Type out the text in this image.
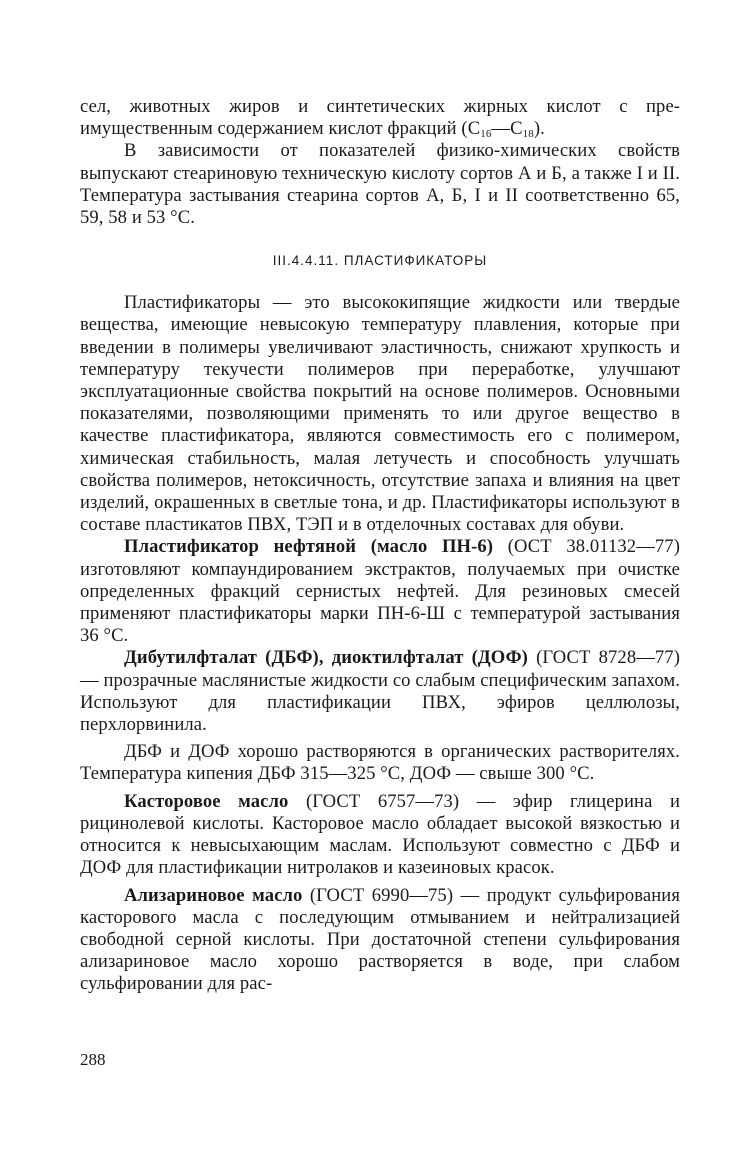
сел, животных жиров и синтетических жирных кислот с преимущественным содержанием кислот фракций $(С_{16}—С_{18})$.

В зависимости от показателей физико-химических свойств выпускают стеариновую техническую кислоту сортов А и Б, а также I и II. Температура застывания стеарина сортов А, Б, I и II соответственно 65, 59, 58 и 53 °С.

III.4.4.11. ПЛАСТИФИКАТОРЫ

Пластификаторы — это высококипящие жидкости или твердые вещества, имеющие невысокую температуру плавления, которые при введении в полимеры увеличивают эластичность, снижают хрупкость и температуру текучести полимеров при переработке, улучшают эксплуатационные свойства покрытий на основе полимеров. Основными показателями, позволяющими применять то или другое вещество в качестве пластификатора, являются совместимость его с полимером, химическая стабильность, малая летучесть и способность улучшать свойства полимеров, нетоксичность, отсутствие запаха и влияния на цвет изделий, окрашенных в светлые тона, и др. Пластификаторы используют в составе пластикатов ПВХ, ТЭП и в отделочных составах для обуви.

Пластификатор нефтяной (масло ПН-6) (ОСТ 38.01132—77) изготовляют компаундированием экстрактов, получаемых при очистке определенных фракций сернистых нефтей. Для резиновых смесей применяют пластификаторы марки ПН-6-Ш с температурой застывания 36 °С.

Дибутилфталат (ДБФ), диоктилфталат (ДОФ) (ГОСТ 8728—77) — прозрачные маслянистые жидкости со слабым специфическим запахом. Используют для пластификации ПВХ, эфиров целлюлозы, перхлорвинила.

ДБФ и ДОФ хорошо растворяются в органических растворителях. Температура кипения ДБФ 315—325 °С, ДОФ — свыше 300 °С.

Касторовое масло (ГОСТ 6757—73) — эфир глицерина и рицинолевой кислоты. Касторовое масло обладает высокой вязкостью и относится к невысыхающим маслам. Используют совместно с ДБФ и ДОФ для пластификации нитролаков и казеиновых красок.

Ализариновое масло (ГОСТ 6990—75) — продукт сульфирования касторового масла с последующим отмыванием и нейтрализацией свободной серной кислоты. При достаточной степени сульфирования ализариновое масло хорошо растворяется в воде, при слабом сульфировании для рас-

288
